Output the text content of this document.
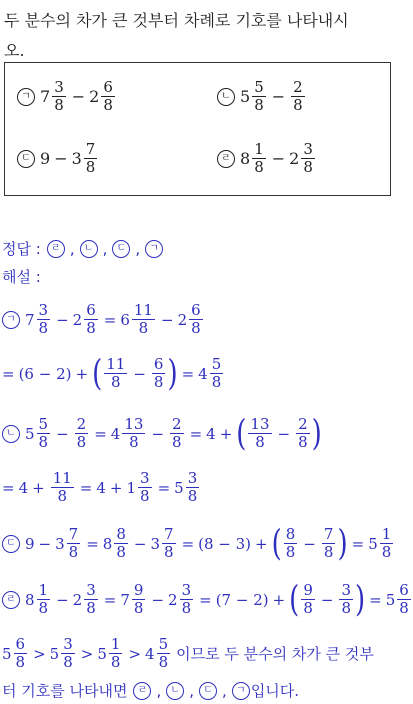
두 분수의 차가 큰 것부터 차례로 기호를 나타내시
오.
ㄱ $7 \frac{3}{8} - 2 \frac{6}{8}$	ㄴ $5 \frac{5}{8} - \frac{2}{8}$
ㄷ $9 - 3 \frac{7}{8}$	ㄹ $8 \frac{1}{8} - 2 \frac{3}{8}$
정답 :	ㄹ , ㄴ , ㄷ , ㄱ
해설 :
ㄱ $7 \frac{3}{8} - 2 \frac{6}{8} = 6 \frac{11}{8} - 2 \frac{6}{8}$
= (6 − 2) + ( $\frac{11}{8} - \frac{6}{8}$ ) = $4 \frac{5}{8}$
ㄴ $5 \frac{5}{8} - \frac{2}{8} = 4 \frac{13}{8} - \frac{2}{8} = 4$ + ( $\frac{13}{8} - \frac{2}{8}$ )
= $4 + \frac{11}{8} = 4 + 1 \frac{3}{8} = 5 \frac{3}{8}$
ㄷ $9 - 3 \frac{7}{8} = 8 \frac{8}{8} - 3 \frac{7}{8} = (8 - 3)$ + ( $\frac{8}{8} - \frac{7}{8}$ ) = $5 \frac{1}{8}$
ㄹ $8 \frac{1}{8} - 2 \frac{3}{8} = 7 \frac{9}{8} - 2 \frac{3}{8} = (7 - 2)$ + ( $\frac{9}{8} - \frac{3}{8}$ ) = $5 \frac{6}{8}$
$5 \frac{6}{8} > 5 \frac{3}{8} > 5 \frac{1}{8} > 4 \frac{5}{8}$ 이므로 두 분수의 차가 큰 것부
터 기호를 나타내면	ㄹ , ㄴ , ㄷ , ㄱ 입니다.
